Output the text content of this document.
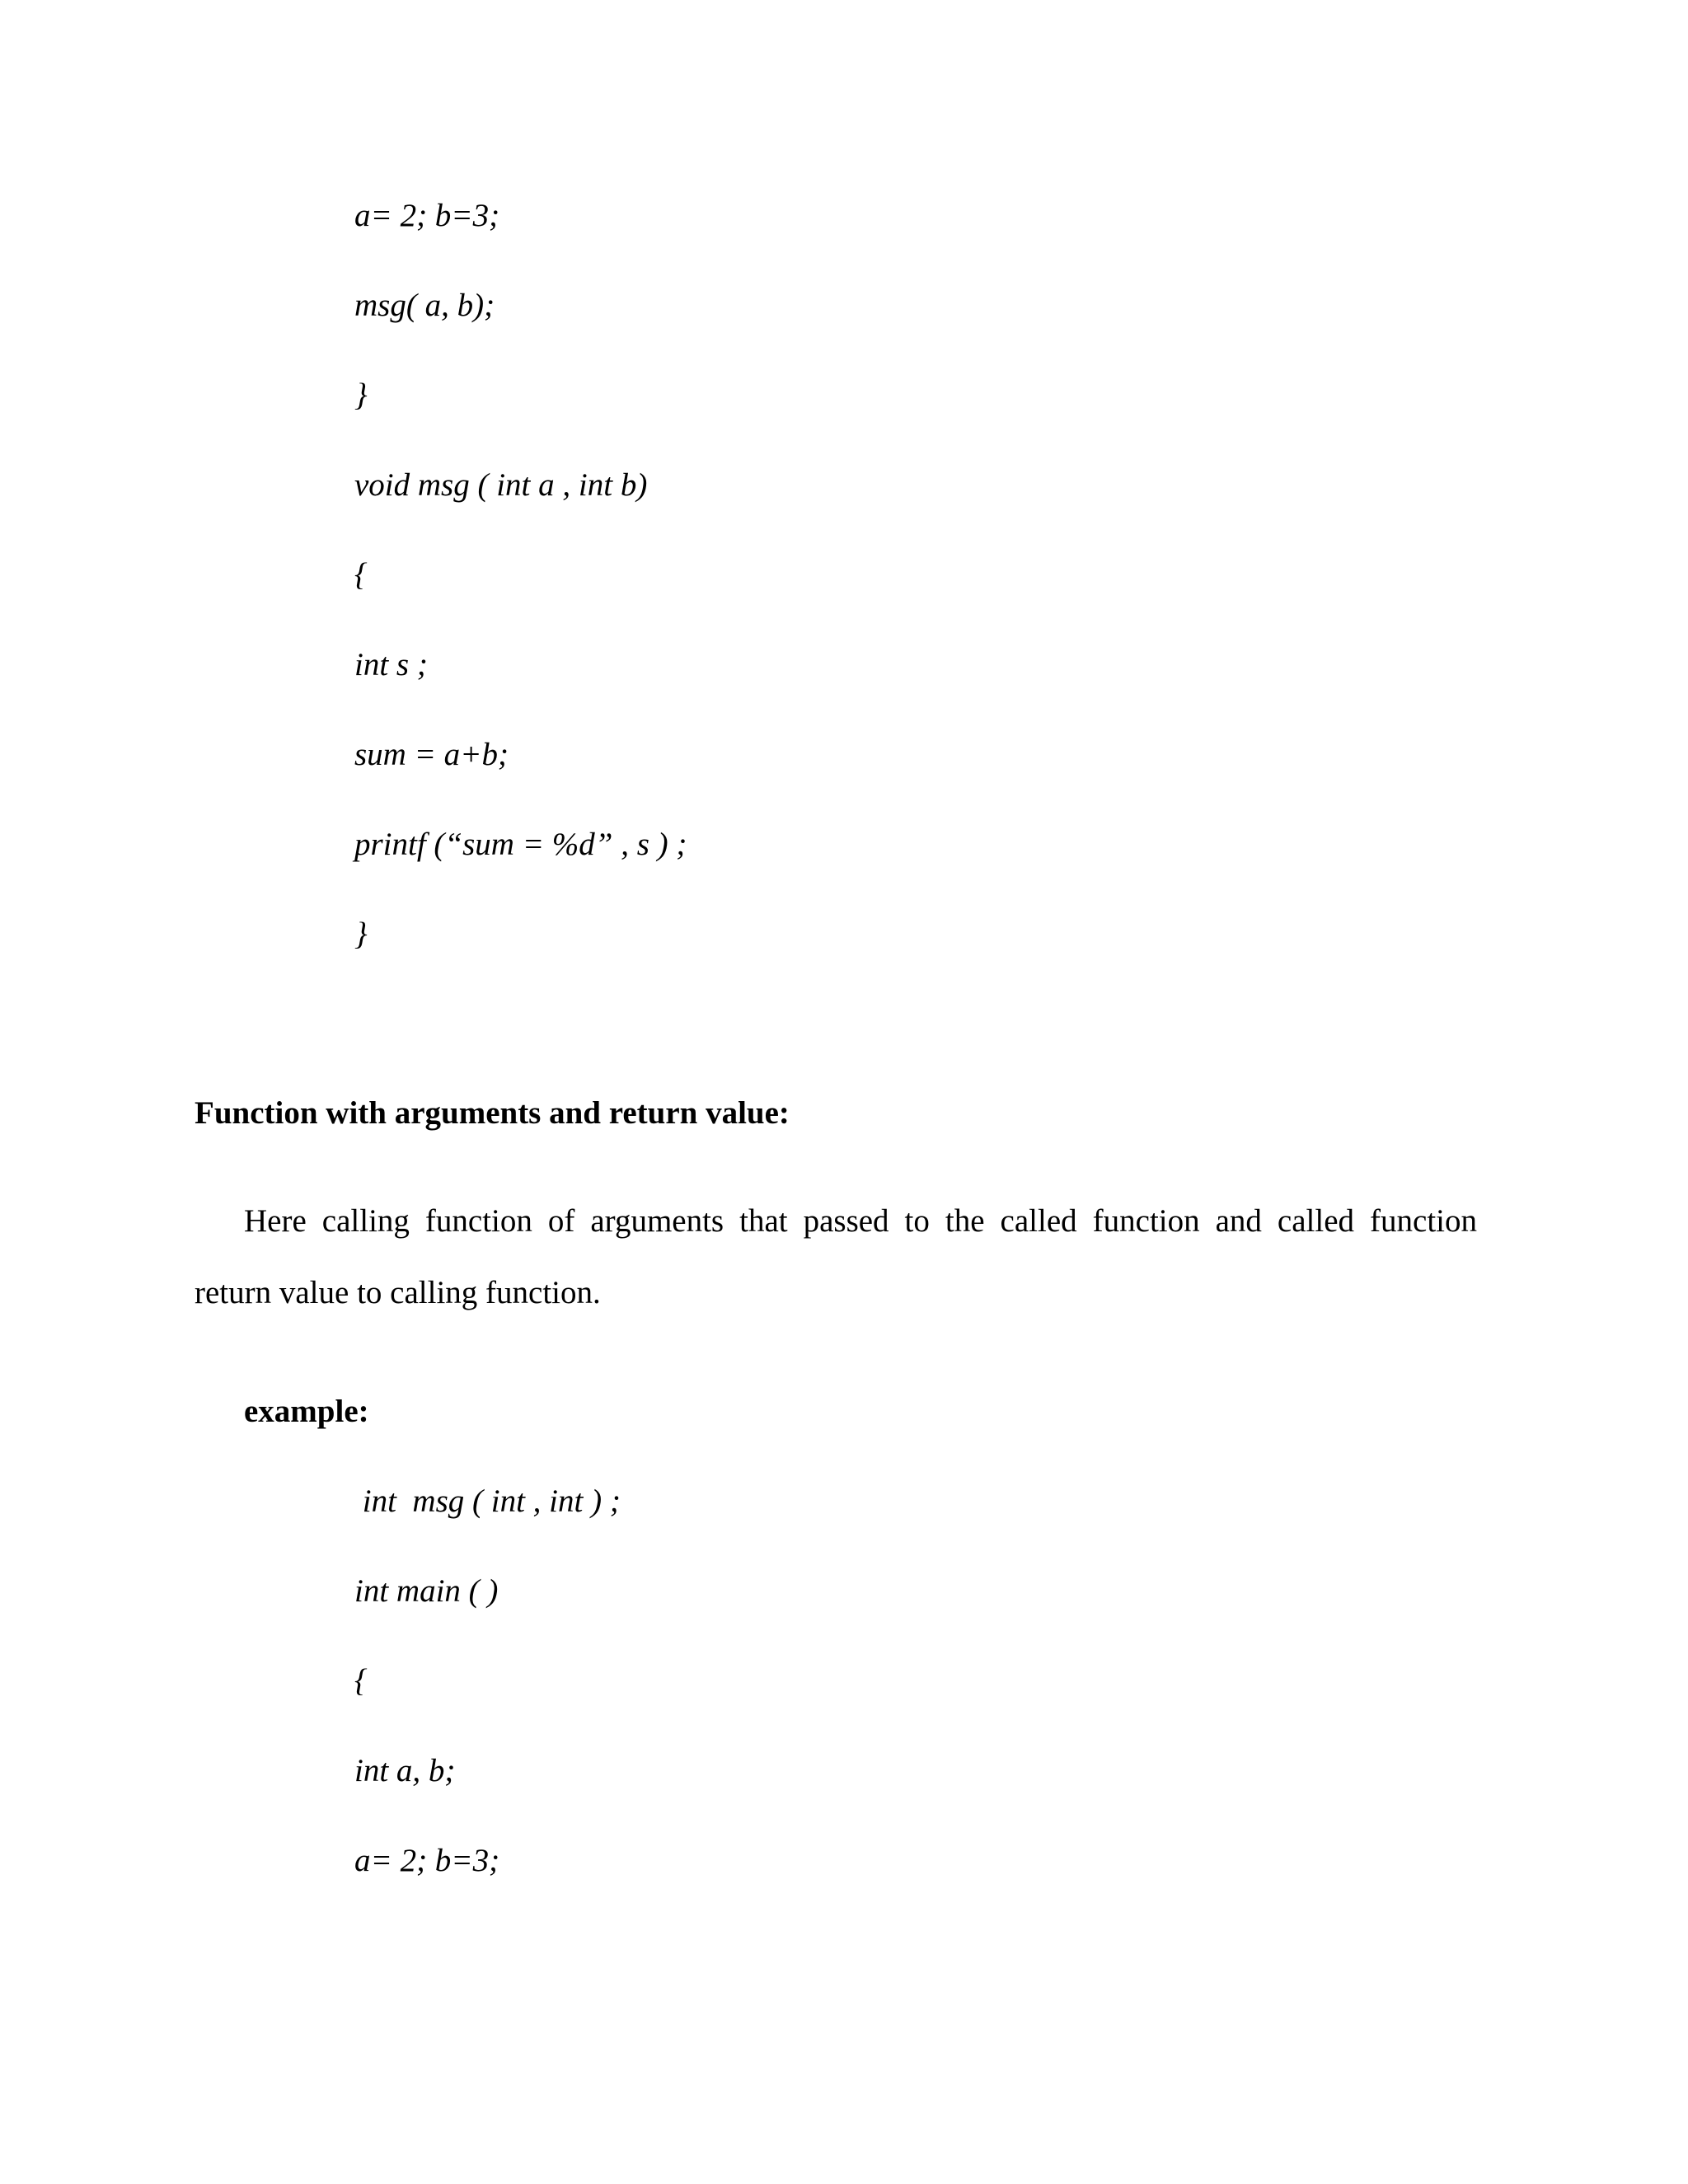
a= 2; b=3;
msg( a, b);
}
void msg ( int a , int b)
{
int s ;
sum = a+b;
printf (“sum = %d” , s ) ;
}
Function with arguments and return value:
Here calling function of arguments that passed to the called function and called function
return value to calling function.
example:
int  msg ( int , int ) ;
int main ( )
{
int a, b;
a= 2; b=3;
